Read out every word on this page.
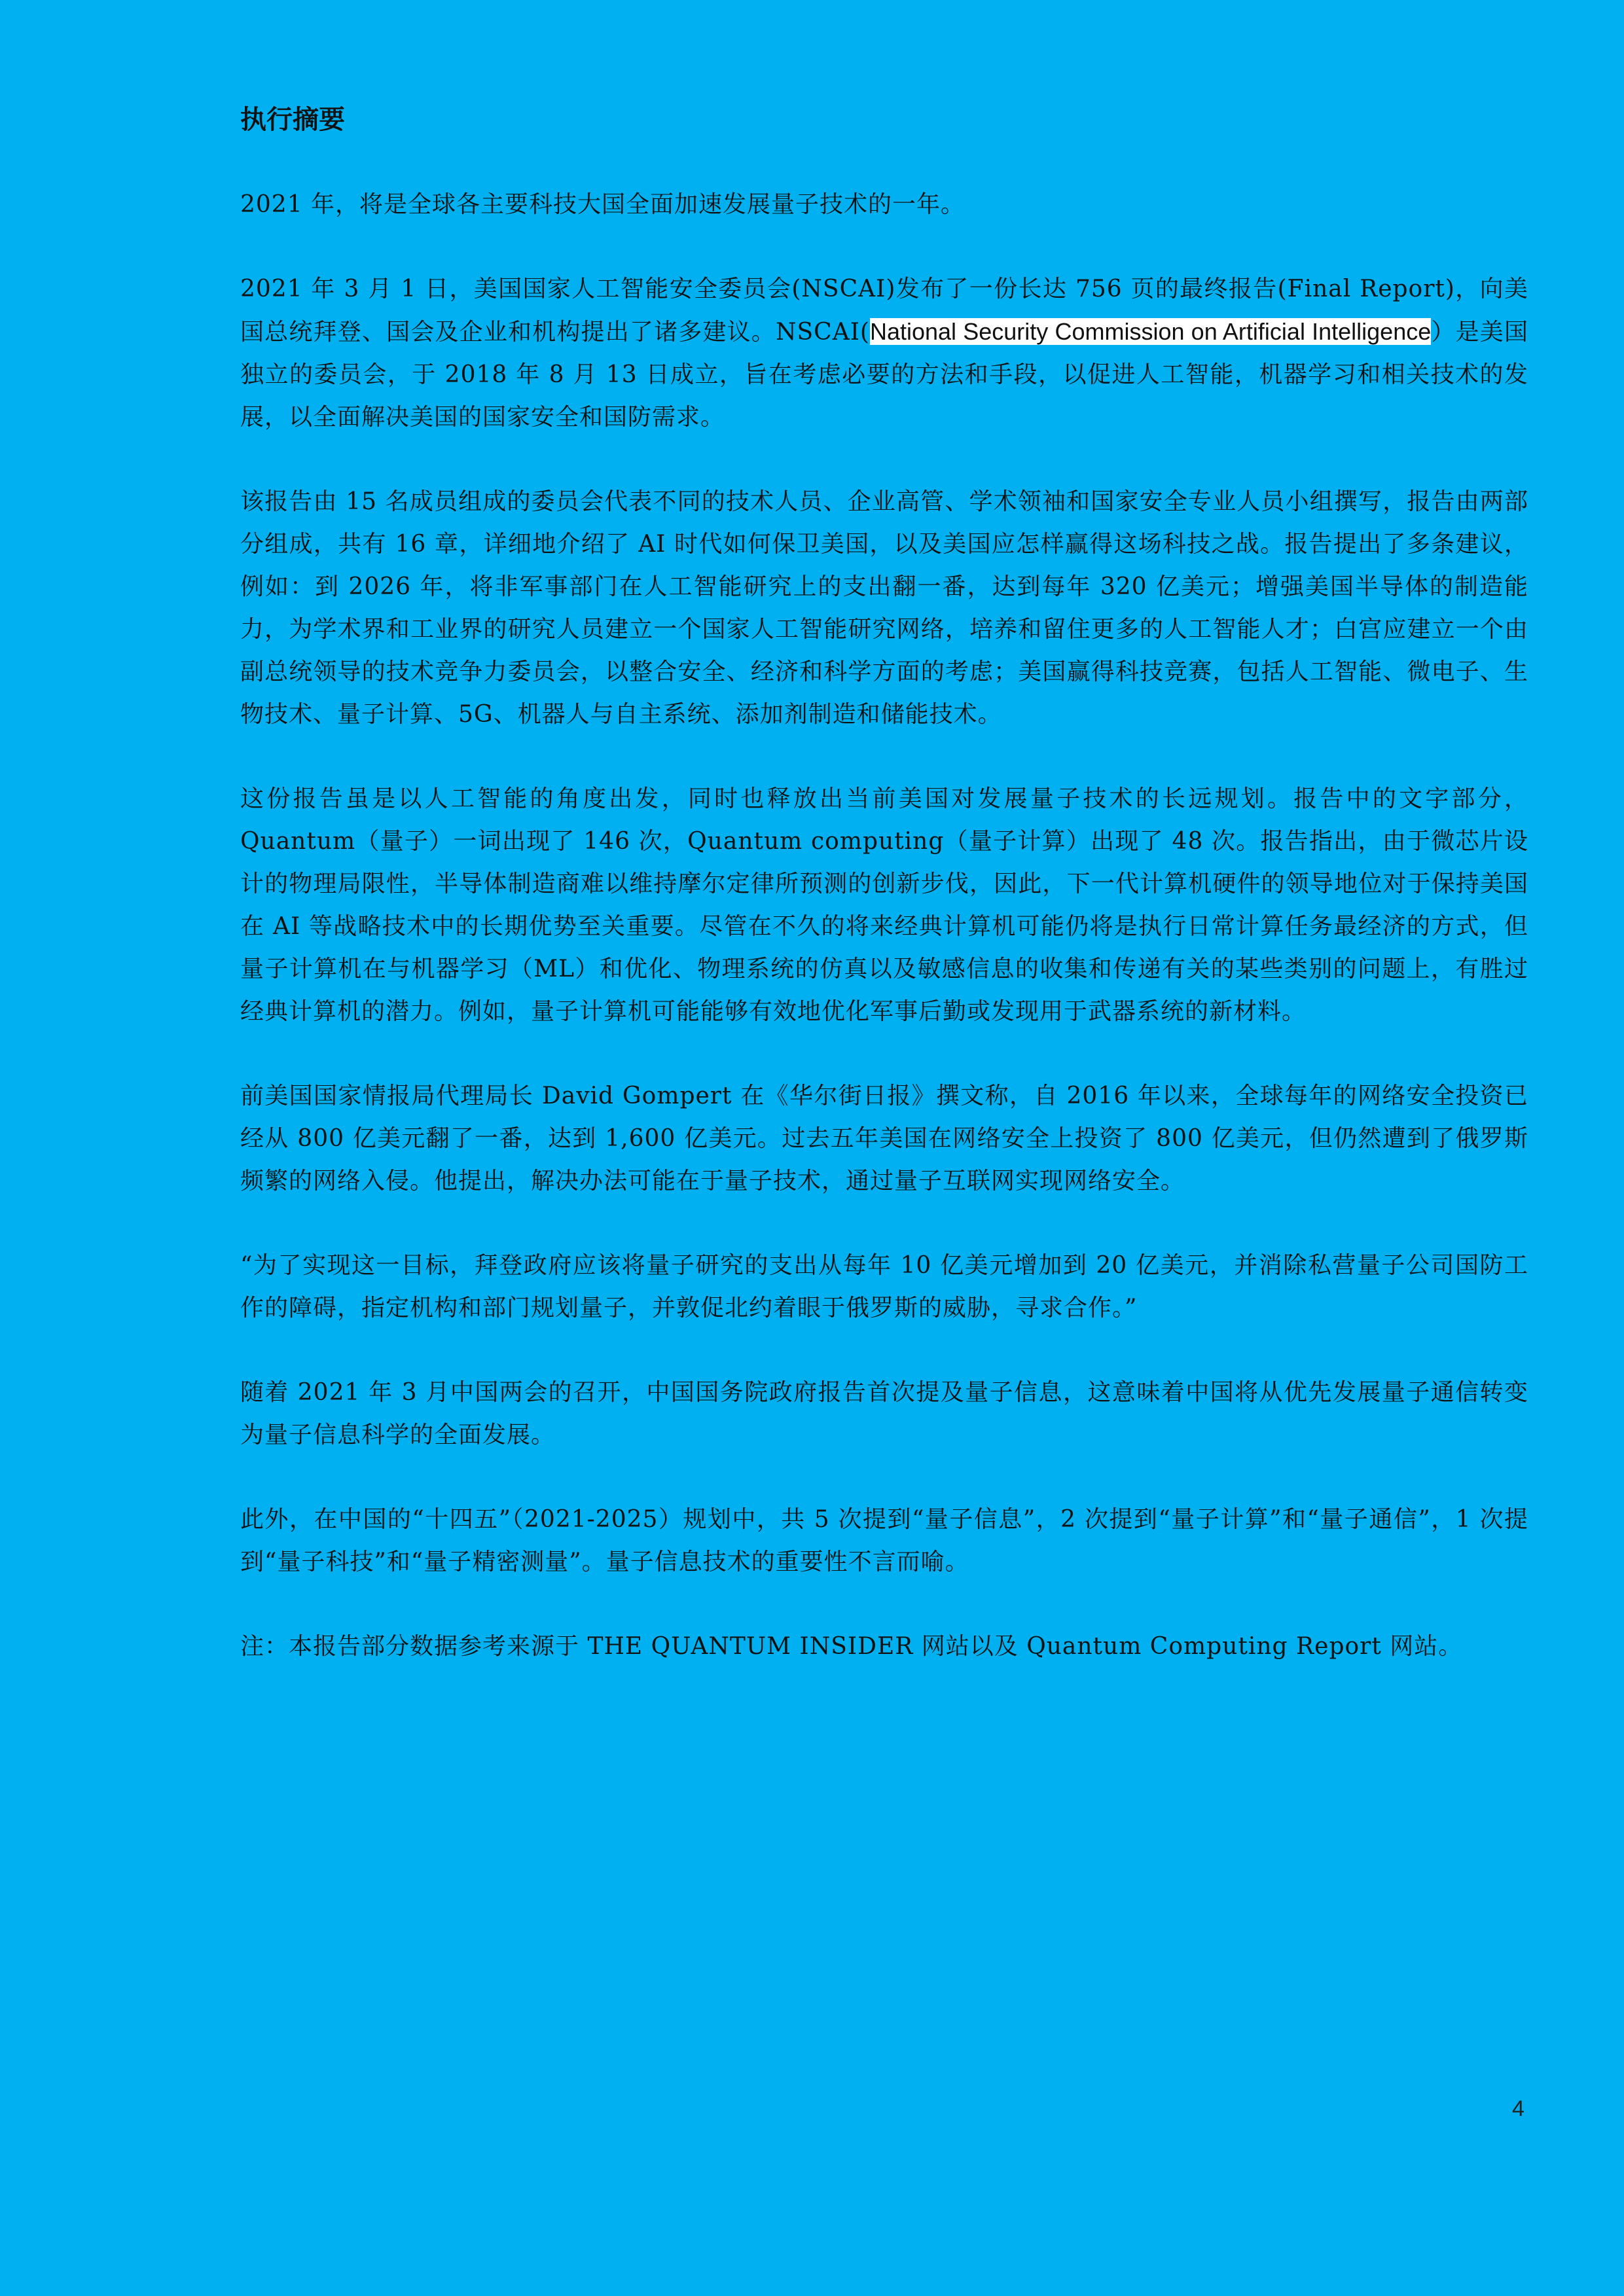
执行摘要

2021 年，将是全球各主要科技大国全面加速发展量子技术的一年。

2021 年 3 月 1 日，美国国家人工智能安全委员会(NSCAI)发布了一份长达 756 页的最终报告(Final Report)，向美国总统拜登、国会及企业和机构提出了诸多建议。NSCAI(National Security Commission on Artificial Intelligence）是美国独立的委员会，于 2018 年 8 月 13 日成立，旨在考虑必要的方法和手段，以促进人工智能，机器学习和相关技术的发展，以全面解决美国的国家安全和国防需求。

该报告由 15 名成员组成的委员会代表不同的技术人员、企业高管、学术领袖和国家安全专业人员小组撰写，报告由两部分组成，共有 16 章，详细地介绍了 AI 时代如何保卫美国，以及美国应怎样赢得这场科技之战。报告提出了多条建议，例如：到 2026 年，将非军事部门在人工智能研究上的支出翻一番，达到每年 320 亿美元；增强美国半导体的制造能力，为学术界和工业界的研究人员建立一个国家人工智能研究网络，培养和留住更多的人工智能人才；白宫应建立一个由副总统领导的技术竞争力委员会，以整合安全、经济和科学方面的考虑；美国赢得科技竞赛，包括人工智能、微电子、生物技术、量子计算、5G、机器人与自主系统、添加剂制造和储能技术。

这份报告虽是以人工智能的角度出发，同时也释放出当前美国对发展量子技术的长远规划。报告中的文字部分，Quantum（量子）一词出现了 146 次，Quantum computing（量子计算）出现了 48 次。报告指出，由于微芯片设计的物理局限性，半导体制造商难以维持摩尔定律所预测的创新步伐，因此，下一代计算机硬件的领导地位对于保持美国在 AI 等战略技术中的长期优势至关重要。尽管在不久的将来经典计算机可能仍将是执行日常计算任务最经济的方式，但量子计算机在与机器学习（ML）和优化、物理系统的仿真以及敏感信息的收集和传递有关的某些类别的问题上，有胜过经典计算机的潜力。例如，量子计算机可能能够有效地优化军事后勤或发现用于武器系统的新材料。

前美国国家情报局代理局长 David Gompert 在《华尔街日报》撰文称，自 2016 年以来，全球每年的网络安全投资已经从 800 亿美元翻了一番，达到 1,600 亿美元。过去五年美国在网络安全上投资了 800 亿美元，但仍然遭到了俄罗斯频繁的网络入侵。他提出，解决办法可能在于量子技术，通过量子互联网实现网络安全。

“为了实现这一目标，拜登政府应该将量子研究的支出从每年 10 亿美元增加到 20 亿美元，并消除私营量子公司国防工作的障碍，指定机构和部门规划量子，并敦促北约着眼于俄罗斯的威胁，寻求合作。”

随着 2021 年 3 月中国两会的召开，中国国务院政府报告首次提及量子信息，这意味着中国将从优先发展量子通信转变为量子信息科学的全面发展。

此外，在中国的“十四五”（2021-2025）规划中，共 5 次提到“量子信息”，2 次提到“量子计算”和“量子通信”，1 次提到“量子科技”和“量子精密测量”。量子信息技术的重要性不言而喻。

注：本报告部分数据参考来源于 THE QUANTUM INSIDER 网站以及 Quantum Computing Report 网站。

4
